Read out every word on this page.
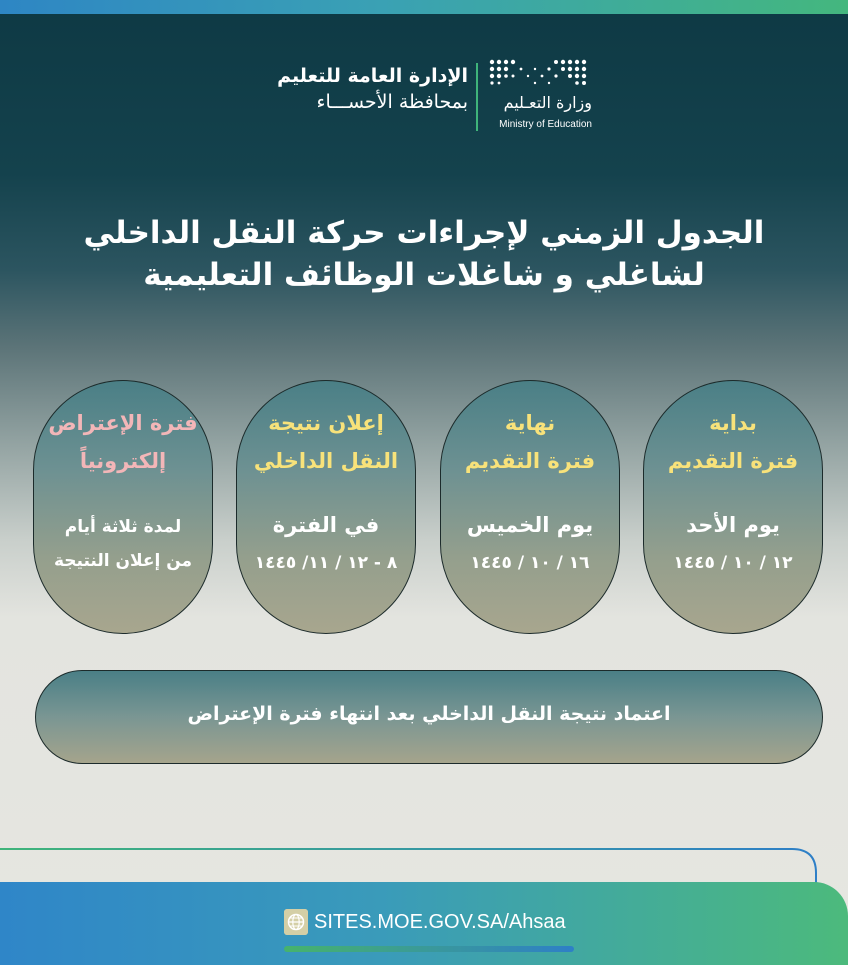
الإدارة العامة للتعليم
بمحافظة الأحســـاء وزارة التعـليم
Ministry of Education
الجدول الزمني لإجراءات حركة النقل الداخلي
لشاغلي و شاغلات الوظائف التعليمية
بداية
فترة التقديم
يوم الأحد
١٢ / ١٠ / ١٤٤٥
نهاية
فترة التقديم
يوم الخميس
١٦ / ١٠ / ١٤٤٥
إعلان نتيجة
النقل الداخلي
في الفترة
٨ - ١٢ / ١١/ ١٤٤٥
فترة الإعتراض
إلكترونياً
لمدة ثلاثة أيام
من إعلان النتيجة
اعتماد نتيجة النقل الداخلي بعد انتهاء فترة الإعتراض
SITES.MOE.GOV.SA/Ahsaa
